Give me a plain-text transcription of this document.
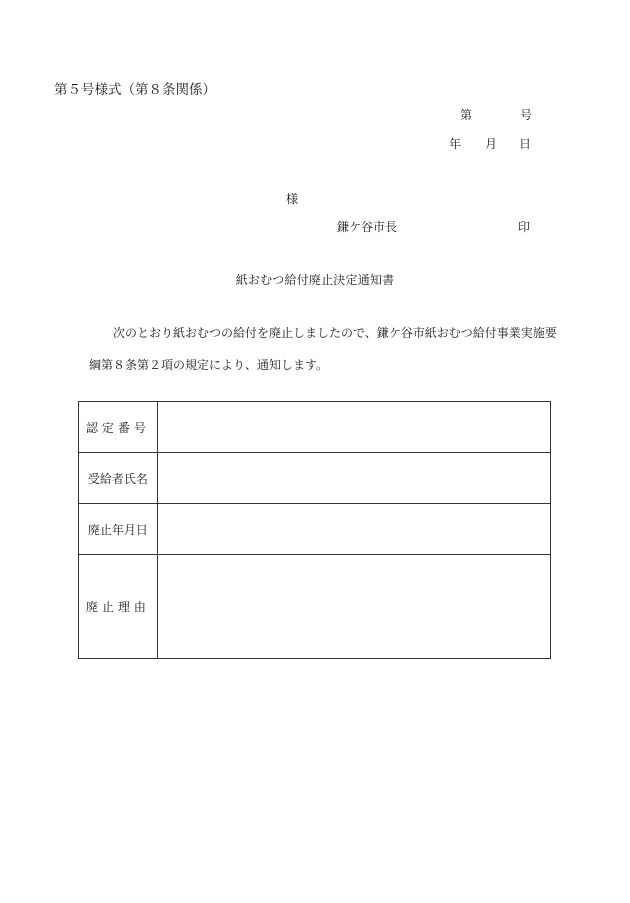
第５号様式（第８条関係）
第	号
年 月 日
様
鎌ケ谷市長	印
紙おむつ給付廃止決定通知書
次のとおり紙おむつの給付を廃止しましたので、鎌ケ谷市紙おむつ給付事業実施要
綱第８条第２項の規定により、通知します。
認定番号	
受給者氏名	
廃止年月日	
廃止理由	
